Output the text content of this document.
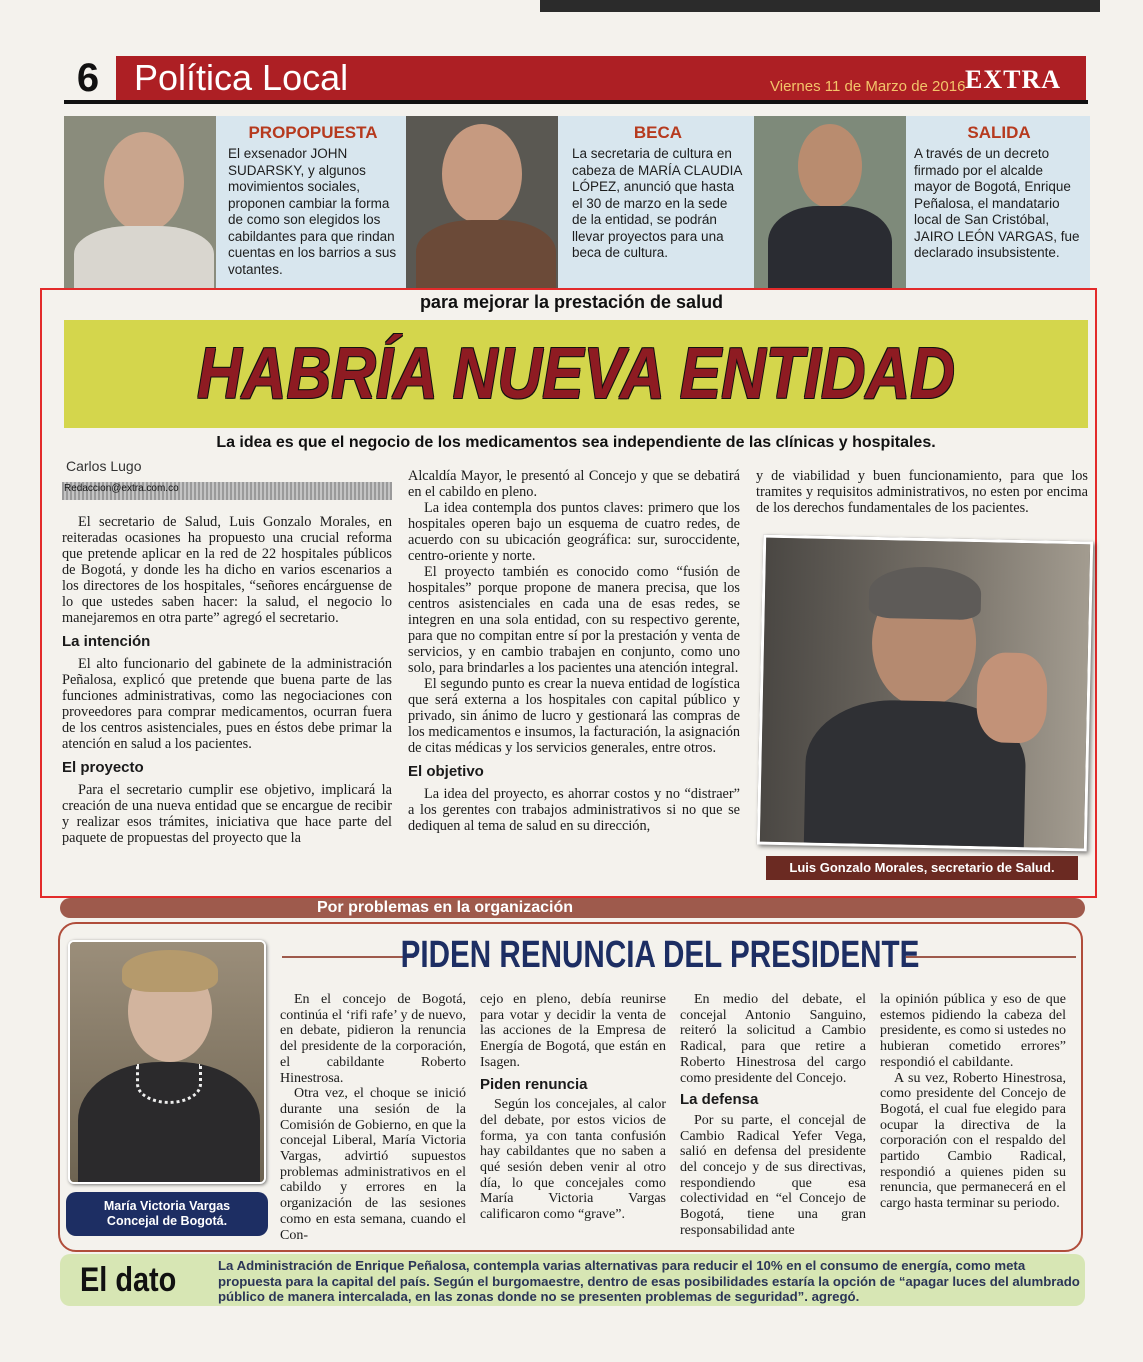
6 Política Local	Viernes 11 de Marzo de 2016 EXTRA
PROPOPUESTA
El exsenador JOHN SUDARSKY, y algunos movimientos sociales, proponen cambiar la forma de como son elegidos los cabildantes para que rindan cuentas en los barrios a sus votantes.
BECA
La secretaria de cultura en cabeza de MARÍA CLAUDIA LÓPEZ, anunció que hasta el 30 de marzo en la sede de la entidad, se podrán llevar proyectos para una beca de cultura.
SALIDA
A través de un decreto firmado por el alcalde mayor de Bogotá, Enrique Peñalosa, el mandatario local de San Cristóbal, JAIRO LEÓN VARGAS, fue declarado insubsistente.
para mejorar la prestación de salud
HABRÍA NUEVA ENTIDAD
La idea es que el negocio de los medicamentos sea independiente de las clínicas y hospitales.
Carlos Lugo
Redaccion@extra.com.co

El secretario de Salud, Luis Gonzalo Morales, en reiteradas ocasiones ha propuesto una crucial reforma que pretende aplicar en la red de 22 hospitales públicos de Bogotá, y donde les ha dicho en varios escenarios a los directores de los hospitales, “señores encárguense de lo que ustedes saben hacer: la salud, el negocio lo manejaremos en otra parte” agregó el secretario.

La intención

El alto funcionario del gabinete de la administración Peñalosa, explicó que pretende que buena parte de las funciones administrativas, como las negociaciones con proveedores para comprar medicamentos, ocurran fuera de los centros asistenciales, pues en éstos debe primar la atención en salud a los pacientes.

El proyecto

Para el secretario cumplir ese objetivo, implicará la creación de una nueva entidad que se encargue de recibir y realizar esos trámites, iniciativa que hace parte del paquete de propuestas del proyecto que la

Alcaldía Mayor, le presentó al Concejo y que se debatirá en el cabildo en pleno.

La idea contempla dos puntos claves: primero que los hospitales operen bajo un esquema de cuatro redes, de acuerdo con su ubicación geográfica: sur, suroccidente, centro-oriente y norte.

El proyecto también es conocido como “fusión de hospitales” porque propone de manera precisa, que los centros asistenciales en cada una de esas redes, se integren en una sola entidad, con su respectivo gerente, para que no compitan entre sí por la prestación y venta de servicios, y en cambio trabajen en conjunto, como uno solo, para brindarles a los pacientes una atención integral.

El segundo punto es crear la nueva entidad de logística que será externa a los hospitales con capital público y privado, sin ánimo de lucro y gestionará las compras de los medicamentos e insumos, la facturación, la asignación de citas médicas y los servicios generales, entre otros.

El objetivo

La idea del proyecto, es ahorrar costos y no “distraer” a los gerentes con trabajos administrativos si no que se dediquen al tema de salud en su dirección,

y de viabilidad y buen funcionamiento, para que los tramites y requisitos administrativos, no esten por encima de los derechos fundamentales de los pacientes.

Luis Gonzalo Morales, secretario de Salud.
Por problemas en la organización
PIDEN RENUNCIA DEL PRESIDENTE
María Victoria Vargas
Concejal de Bogotá.

En el concejo de Bogotá, continúa el ‘rifi rafe’ y de nuevo, en debate, pidieron la renuncia del presidente de la corporación, el cabildante Roberto Hinestrosa.

Otra vez, el choque se inició durante una sesión de la Comisión de Gobierno, en que la concejal Liberal, María Victoria Vargas, advirtió supuestos problemas administrativos en el cabildo y errores en la organización de las sesiones como en esta semana, cuando el Con-

cejo en pleno, debía reunirse para votar y decidir la venta de las acciones de la Empresa de Energía de Bogotá, que están en Isagen.

Piden renuncia

Según los concejales, al calor del debate, por estos vicios de forma, ya con tanta confusión hay cabildantes que no saben a qué sesión deben venir al otro día, lo que concejales como María Victoria Vargas calificaron como “grave”.

En medio del debate, el concejal Antonio Sanguino, reiteró la solicitud a Cambio Radical, para que retire a Roberto Hinestrosa del cargo como presidente del Concejo.

La defensa

Por su parte, el concejal de Cambio Radical Yefer Vega, salió en defensa del presidente del concejo y de sus directivas, respondiendo que esa colectividad en “el Concejo de Bogotá, tiene una gran responsabilidad ante

la opinión pública y eso de que estemos pidiendo la cabeza del presidente, es como si ustedes no hubieran cometido errores” respondió el cabildante.

A su vez, Roberto Hinestrosa, como presidente del Concejo de Bogotá, el cual fue elegido para ocupar la directiva de la corporación con el respaldo del partido Cambio Radical, respondió a quienes piden su renuncia, que permanecerá en el cargo hasta terminar su periodo.

El dato	La Administración de Enrique Peñalosa, contempla varias alternativas para reducir el 10% en el consumo de energía, como meta propuesta para la capital del país. Según el burgomaestre, dentro de esas posibilidades estaría la opción de “apagar luces del alumbrado público de manera intercalada, en las zonas donde no se presenten problemas de seguridad”. agregó.
